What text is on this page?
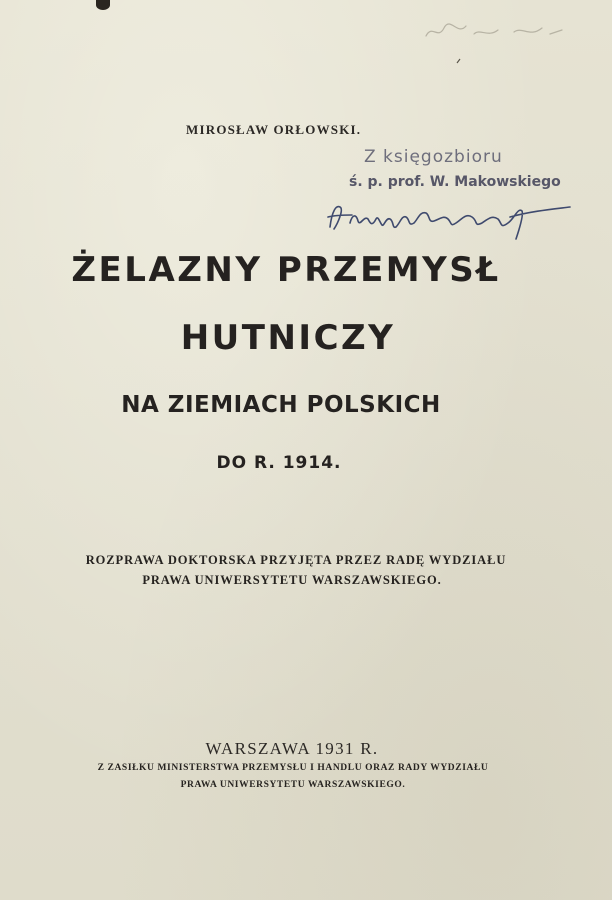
MIROSŁAW ORŁOWSKI.
Z księgozbioru
ś. p. prof. W. Makowskiego
ŻELAZNY PRZEMYSŁ
HUTNICZY
NA ZIEMIACH POLSKICH
DO R. 1914.
ROZPRAWA DOKTORSKA PRZYJĘTA PRZEZ RADĘ WYDZIAŁU
PRAWA UNIWERSYTETU WARSZAWSKIEGO.
WARSZAWA 1931 R.
Z ZASIŁKU MINISTERSTWA PRZEMYSŁU I HANDLU ORAZ RADY WYDZIAŁU
PRAWA UNIWERSYTETU WARSZAWSKIEGO.
